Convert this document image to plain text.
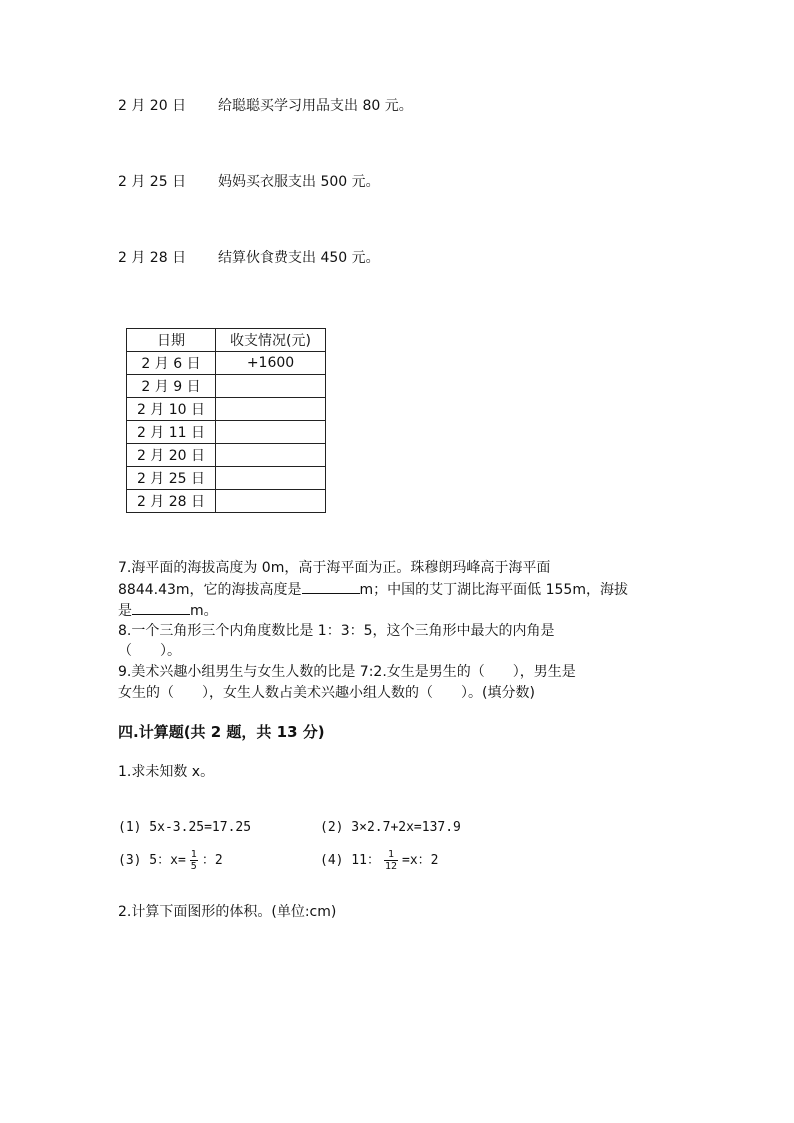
2 月 20 日 给聪聪买学习用品支出 80 元。
2 月 25 日 妈妈买衣服支出 500 元。
2 月 28 日 结算伙食费支出 450 元。
日期	收支情况(元)
2 月 6 日	+1600
2 月 9 日	
2 月 10 日	
2 月 11 日	
2 月 20 日	
2 月 25 日	
2 月 28 日	
7.海平面的海拔高度为 0m，高于海平面为正。珠穆朗玛峰高于海平面
8844.43m，它的海拔高度是	m；中国的艾丁湖比海平面低 155m，海拔
是	m。
8.一个三角形三个内角度数比是 1：3：5，这个三角形中最大的内角是
（　　）。
9.美术兴趣小组男生与女生人数的比是 7:2.女生是男生的（　　），男生是
女生的（　　），女生人数占美术兴趣小组人数的（　　）。(填分数)
四.计算题(共 2 题，共 13 分)
1.求未知数 x。
(1) 5x-3.25=17.25	(2) 3×2.7+2x=137.9
(3) 5：$x= \frac{1}{5}$ ：2	(4) 11： $\frac{1}{12} =x$：2
2.计算下面图形的体积。(单位:cm)
